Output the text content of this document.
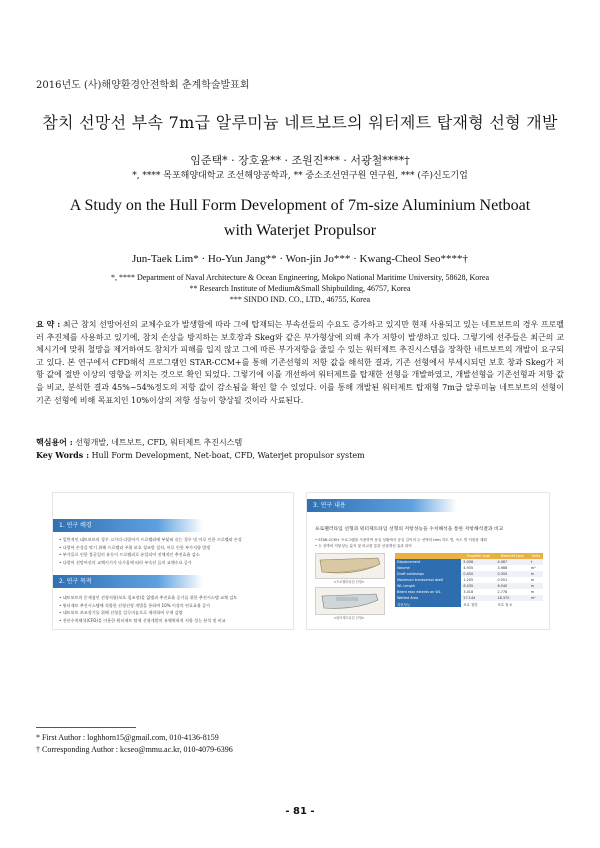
2016년도 (사)해양환경안전학회 춘계학술발표회
참치 선망선 부속 7m급 알루미늄 네트보트의 워터제트 탑재형 선형 개발
임준택* · 장호윤** · 조원진*** · 서광철****†
*, **** 목포해양대학교 조선해양공학과, ** 중소조선연구원 연구원, *** (주)신도기업
A Study on the Hull Form Development of 7m-size Aluminium Netboat
with Waterjet Propulsor
Jun-Taek Lim* · Ho-Yun Jang** · Won-jin Jo*** · Kwang-Cheol Seo****†
*, **** Department of Naval Architecture & Ocean Engineering, Mokpo National Maritime University, 58628, Korea
** Research Institute of Medium&Small Shipbuilding, 46757, Korea
*** SINDO IND. CO., LTD., 46755, Korea
요 약 : 최근 참치 선망어선의 교체수요가 발생함에 따라 그에 탑재되는 부속선들의 수요도 증가하고 있지만 현재 사용되고 있는 네트보트의 경우 프로펠러 추진체를 사용하고 있기에, 참치 손상을 방지하는 보호장과 Skeg와 같은 부가형상에 의해 추가 저항이 발생하고 있다. 그렇기에 선주들은 최근의 교체시기에 맞춰 철망을 제거하여도 참치가 피해를 입지 않고 그에 따른 부가저항을 줄일 수 있는 워터제트 추진시스템을 장착한 네트보트의 개발이 요구되고 있다. 본 연구에서 CFD해석 프로그램인 STAR-CCM+를 통해 기존선형의 저항 값을 해석한 결과, 기존 선형에서 부세시되던 보호 창과 Skeg가 저항 값에 절반 이상의 영향을 끼치는 것으로 확인 되었다. 그렇기에 이를 개선하여 워터제트를 탑재한 선형을 개발하였고, 개발선형을 기존선형과 저항 값을 비교, 분석한 결과 45%~54%정도의 저항 값이 감소됨을 확인 할 수 있었다. 이를 통해 개발된 워터제트 탑재형 7m급 알루미늄 네트보트의 선형이 기존 선형에 비해 목표치인 10%이상의 저항 성능이 향상될 것이라 사료된다.
핵심용어 : 선형개발, 네트보트, CFD, 워터제트 추진시스템
Key Words : Hull Form Development, Net-boat, CFD, Waterjet propulsor system
1. 연구 배경
• 일반적인 네트보트의 경우 고가의 다랑어가 프로펠러에 부딪혀 죽는 경우 및 이로 인한 프로펠러 손상
• 다랑어 손상을 막기 위해 프로펠러 주위 보호 철조망 설치, 이로 인한 부가저항 발생
• 부가물로 인한 불균일의 유동이 프로펠러로 유입되어 전체적인 추진효율 감소
• 다랑어 선망어선의 교체시기가 다가옴에 따라 부속선 들의 교체수요 증가
2. 연구 목적
• 네트보트의 문제점인 선형저항(보호 철조망)을 없앰과 추진효율 증가를 위한 추진시스템 교체 검토
• 워터제트 추진시스템에 적합한 선형선형 개발을 통하여 10% 이상의 연료효율 증가
• 네트보트 보조장기를 위해 선형을 알루미늄으로 제작하여 무게 감량
• 전산수치해석(CFD)을 이용한 워터제트 탑재 선형개발의 유체역학적 저항 성능 분석 및 비교
3. 연구 내용
프로펠러타입 선형과 워터제트타입 선형의 저항성능을 수치해석을 통한 저항해석결과 비교
• STAR-CCM+ 프로그램을 사용하여 동일 상황에서 동일 길이의 두 선박의 trim 각도 별, 속도 별 저항을 계획
• 두 선박의 저항성능 분석 및 비교를 통한 선형개선 효과 파악
<프로펠러타입 선형>
<워터제트타입 선형>
	Propeller type	Waterjet type	Units
Displacement	5.058	4.087	t
Volume	4.935	3.988	m³
Draft amidships	0.450	0.350	m
Maximum transversal draft	1.205	0.551	m
WL Length	6.435	6.540	m
Beam max extents on WL	3.018	2.778	m
Wetted Area	27.144	18.370	m²
저항성능	보호 철망	보호 철 X	
* First Author : loghhorn15@gmail.com, 010-4136-8159
† Corresponding Author : kcseo@mmu.ac.kr, 010-4079-6396
- 81 -
